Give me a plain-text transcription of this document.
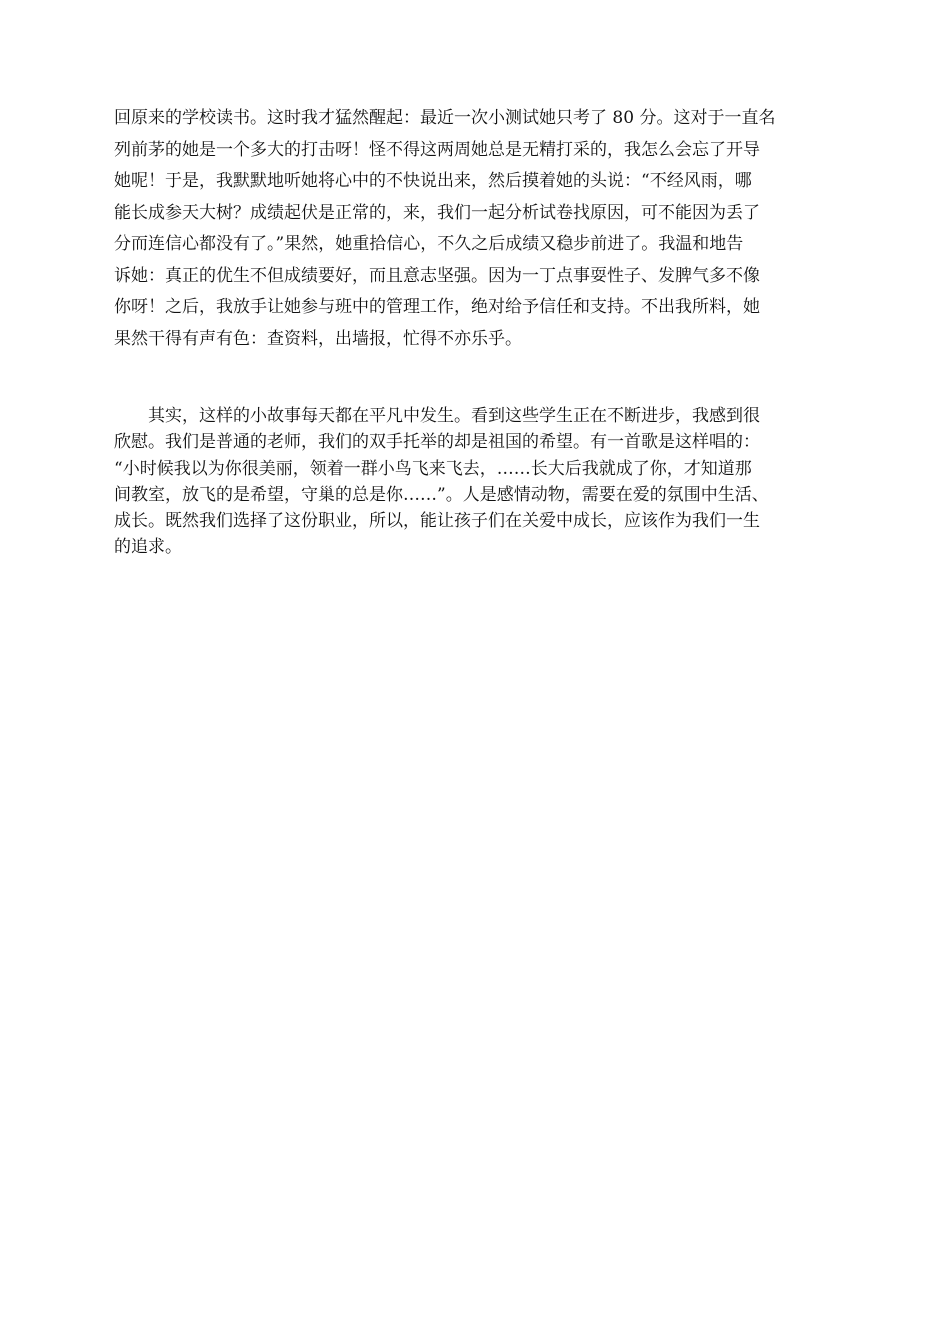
回原来的学校读书。这时我才猛然醒起：最近一次小测试她只考了 80 分。这对于一直名
列前茅的她是一个多大的打击呀！怪不得这两周她总是无精打采的，我怎么会忘了开导
她呢！于是，我默默地听她将心中的不快说出来，然后摸着她的头说：“不经风雨，哪
能长成参天大树？成绩起伏是正常的，来，我们一起分析试卷找原因，可不能因为丢了
分而连信心都没有了。”果然，她重拾信心，不久之后成绩又稳步前进了。我温和地告
诉她：真正的优生不但成绩要好，而且意志坚强。因为一丁点事耍性子、发脾气多不像
你呀！之后，我放手让她参与班中的管理工作，绝对给予信任和支持。不出我所料，她
果然干得有声有色：查资料，出墙报，忙得不亦乐乎。
　　其实，这样的小故事每天都在平凡中发生。看到这些学生正在不断进步，我感到很
欣慰。我们是普通的老师，我们的双手托举的却是祖国的希望。有一首歌是这样唱的：
“小时候我以为你很美丽，领着一群小鸟飞来飞去，……长大后我就成了你，才知道那
间教室，放飞的是希望，守巢的总是你……”。人是感情动物，需要在爱的氛围中生活、
成长。既然我们选择了这份职业，所以，能让孩子们在关爱中成长，应该作为我们一生
的追求。
